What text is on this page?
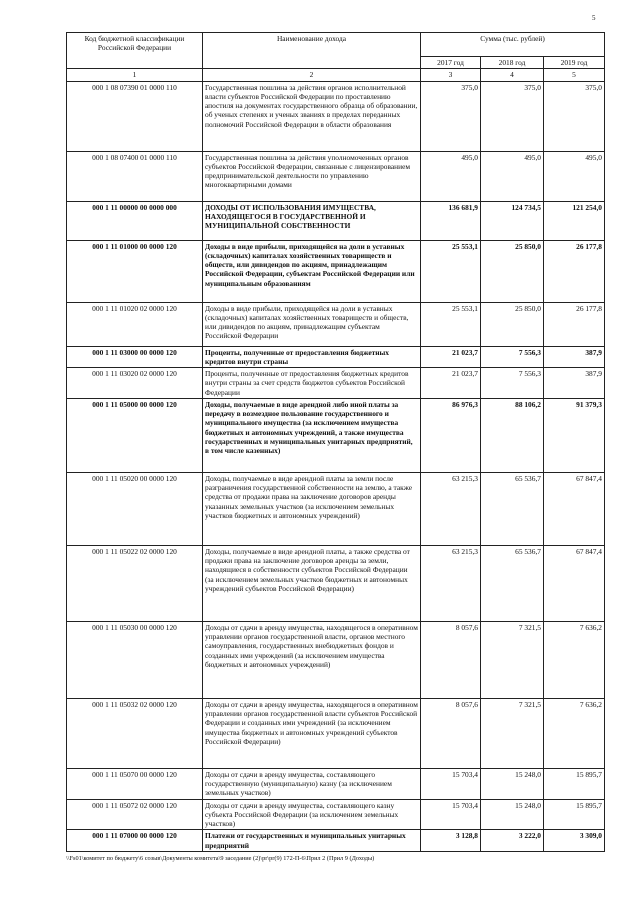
5
Код бюджетной классификации Российской Федерации	Наименование дохода	Сумма (тыс. рублей)		
		2017 год	2018 год	2019 год
1	2	3	4	5
000 1 08 07390 01 0000 110	Государственная пошлина за действия органов исполнительной власти субъектов Российской Федерации по проставлению апостиля на документах государственного образца об образовании, об ученых степенях и ученых званиях в пределах переданных полномочий Российской Федерации в области образования	375,0	375,0	375,0
000 1 08 07400 01 0000 110	Государственная пошлина за действия уполномоченных органов субъектов Российской Федерации, связанные с лицензированием предпринимательской деятельности по управлению многоквартирными домами	495,0	495,0	495,0
000 1 11 00000 00 0000 000	ДОХОДЫ ОТ ИСПОЛЬЗОВАНИЯ ИМУЩЕСТВА, НАХОДЯЩЕГОСЯ В ГОСУДАРСТВЕННОЙ И МУНИЦИПАЛЬНОЙ СОБСТВЕННОСТИ	136 681,9	124 734,5	121 254,0
000 1 11 01000 00 0000 120	Доходы в виде прибыли, приходящейся на доли в уставных (складочных) капиталах хозяйственных товариществ и обществ, или дивидендов по акциям, принадлежащим Российской Федерации, субъектам Российской Федерации или муниципальным образованиям	25 553,1	25 850,0	26 177,8
000 1 11 01020 02 0000 120	Доходы в виде прибыли, приходящейся на доли в уставных (складочных) капиталах хозяйственных товариществ и обществ, или дивидендов по акциям, принадлежащим субъектам Российской Федерации	25 553,1	25 850,0	26 177,8
000 1 11 03000 00 0000 120	Проценты, полученные от предоставления бюджетных кредитов внутри страны	21 023,7	7 556,3	387,9
000 1 11 03020 02 0000 120	Проценты, полученные от предоставления бюджетных кредитов внутри страны за счет средств бюджетов субъектов Российской Федерации	21 023,7	7 556,3	387,9
000 1 11 05000 00 0000 120	Доходы, получаемые в виде арендной либо иной платы за передачу в возмездное пользование государственного и муниципального имущества (за исключением имущества бюджетных и автономных учреждений, а также имущества государственных и муниципальных унитарных предприятий, в том числе казенных)	86 976,3	88 106,2	91 379,3
000 1 11 05020 00 0000 120	Доходы, получаемые в виде арендной платы за земли после разграничения государственной собственности на землю, а также средства от продажи права на заключение договоров аренды указанных земельных участков (за исключением земельных участков бюджетных и автономных учреждений)	63 215,3	65 536,7	67 847,4
000 1 11 05022 02 0000 120	Доходы, получаемые в виде арендной платы, а также средства от продажи права на заключение договоров аренды за земли, находящиеся в собственности субъектов Российской Федерации (за исключением земельных участков бюджетных и автономных учреждений субъектов Российской Федерации)	63 215,3	65 536,7	67 847,4
000 1 11 05030 00 0000 120	Доходы от сдачи в аренду имущества, находящегося в оперативном управлении органов государственной власти, органов местного самоуправления, государственных внебюджетных фондов и созданных ими учреждений (за исключением имущества бюджетных и автономных учреждений)	8 057,6	7 321,5	7 636,2
000 1 11 05032 02 0000 120	Доходы от сдачи в аренду имущества, находящегося в оперативном управлении органов государственной власти субъектов Российской Федерации и созданных ими учреждений (за исключением имущества бюджетных и автономных учреждений субъектов Российской Федерации)	8 057,6	7 321,5	7 636,2
000 1 11 05070 00 0000 120	Доходы от сдачи в аренду имущества, составляющего государственную (муниципальную) казну (за исключением земельных участков)	15 703,4	15 248,0	15 895,7
000 1 11 05072 02 0000 120	Доходы от сдачи в аренду имущества, составляющего казну субъекта Российской Федерации (за исключением земельных участков)	15 703,4	15 248,0	15 895,7
000 1 11 07000 00 0000 120	Платежи от государственных и муниципальных унитарных предприятий	3 128,8	3 222,0	3 309,0
\\Fs01\комитет по бюджету\6 созыв\Документы комитета\9 заседание (2)\pr\pr(9) 172-П-6\Прил 2 (Прил 9 (Доходы)
